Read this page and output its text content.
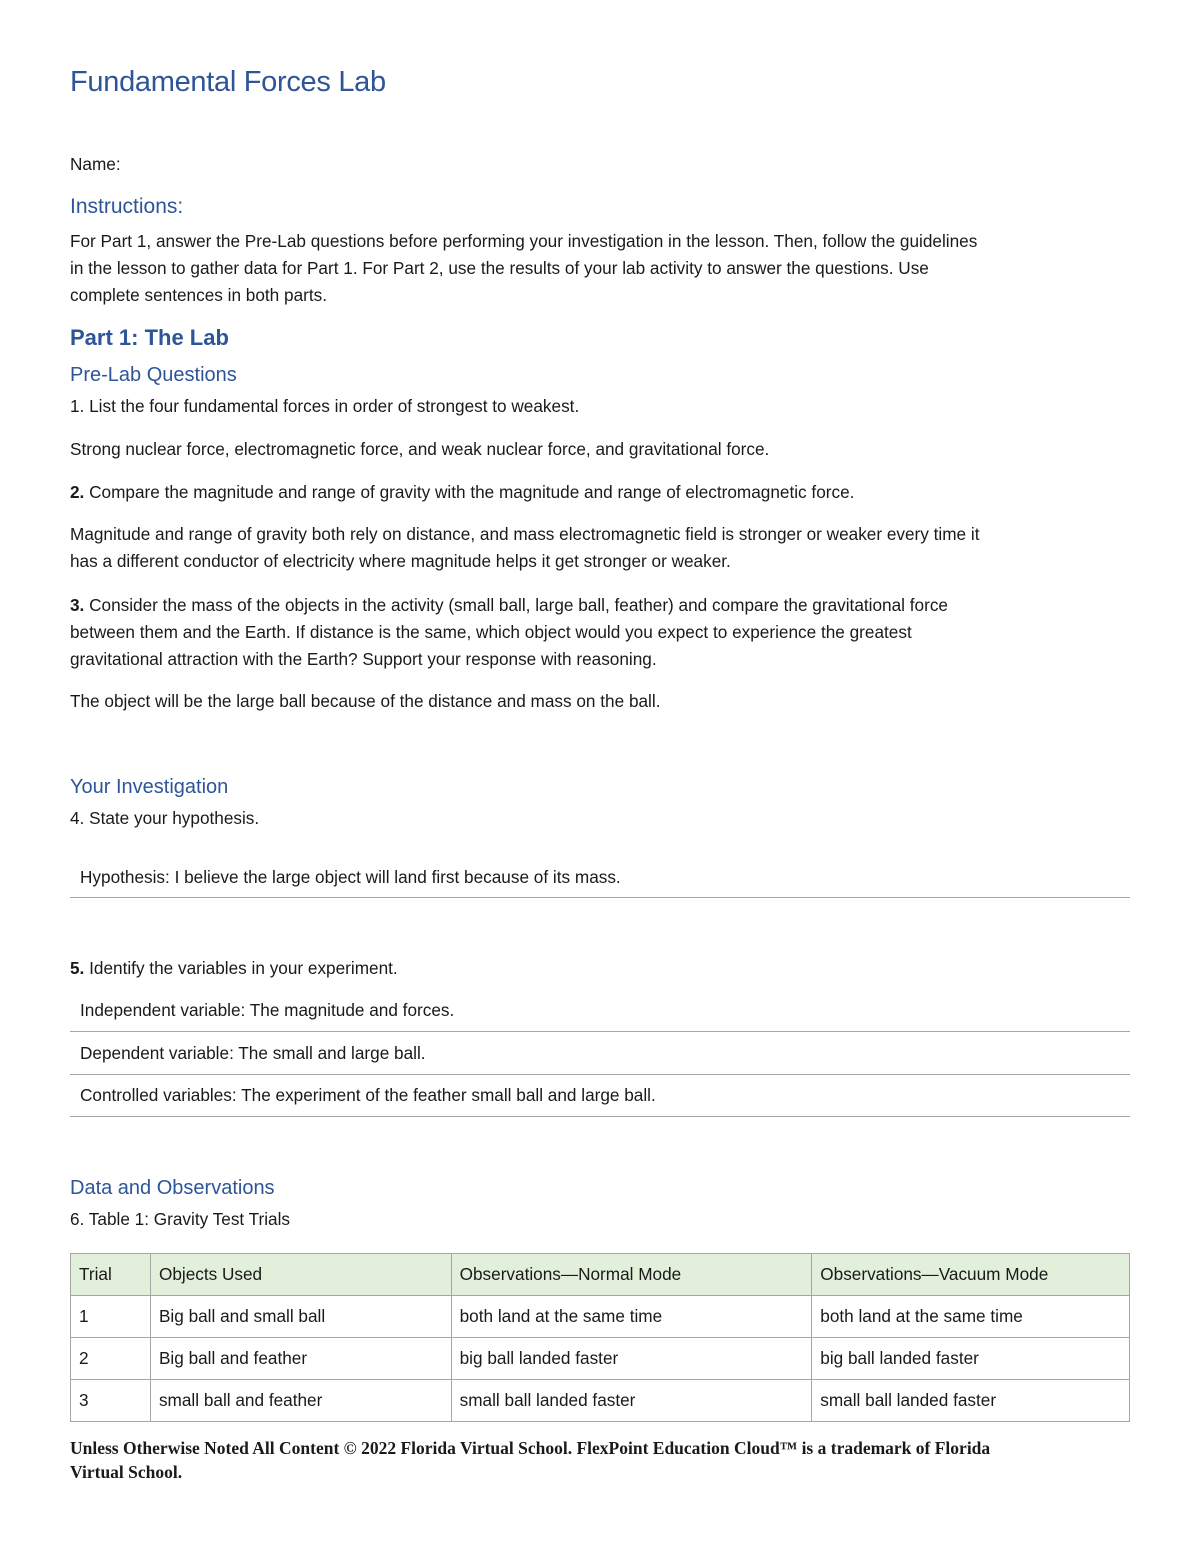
Fundamental Forces Lab

Name:

Instructions:

For Part 1, answer the Pre-Lab questions before performing your investigation in the lesson. Then, follow the guidelines
in the lesson to gather data for Part 1. For Part 2, use the results of your lab activity to answer the questions. Use
complete sentences in both parts.

Part 1: The Lab

Pre-Lab Questions

1. List the four fundamental forces in order of strongest to weakest.

Strong nuclear force, electromagnetic force, and weak nuclear force, and gravitational force.

2. Compare the magnitude and range of gravity with the magnitude and range of electromagnetic force.

Magnitude and range of gravity both rely on distance, and mass electromagnetic field is stronger or weaker every time it
has a different conductor of electricity where magnitude helps it get stronger or weaker.
3. Consider the mass of the objects in the activity (small ball, large ball, feather) and compare the gravitational force
between them and the Earth. If distance is the same, which object would you expect to experience the greatest
gravitational attraction with the Earth? Support your response with reasoning.

The object will be the large ball because of the distance and mass on the ball.

Your Investigation

4. State your hypothesis.

Hypothesis: I believe the large object will land first because of its mass.

5. Identify the variables in your experiment.

Independent variable: The magnitude and forces.
Dependent variable: The small and large ball.
Controlled variables: The experiment of the feather small ball and large ball.

Data and Observations

6. Table 1: Gravity Test Trials

Trial	Objects Used	Observations—Normal Mode	Observations—Vacuum Mode
1	Big ball and small ball	both land at the same time	both land at the same time
2	Big ball and feather	big ball landed faster	big ball landed faster
3	small ball and feather	small ball landed faster	small ball landed faster
Unless Otherwise Noted All Content © 2022 Florida Virtual School. FlexPoint Education Cloud™ is a trademark of Florida
Virtual School.
